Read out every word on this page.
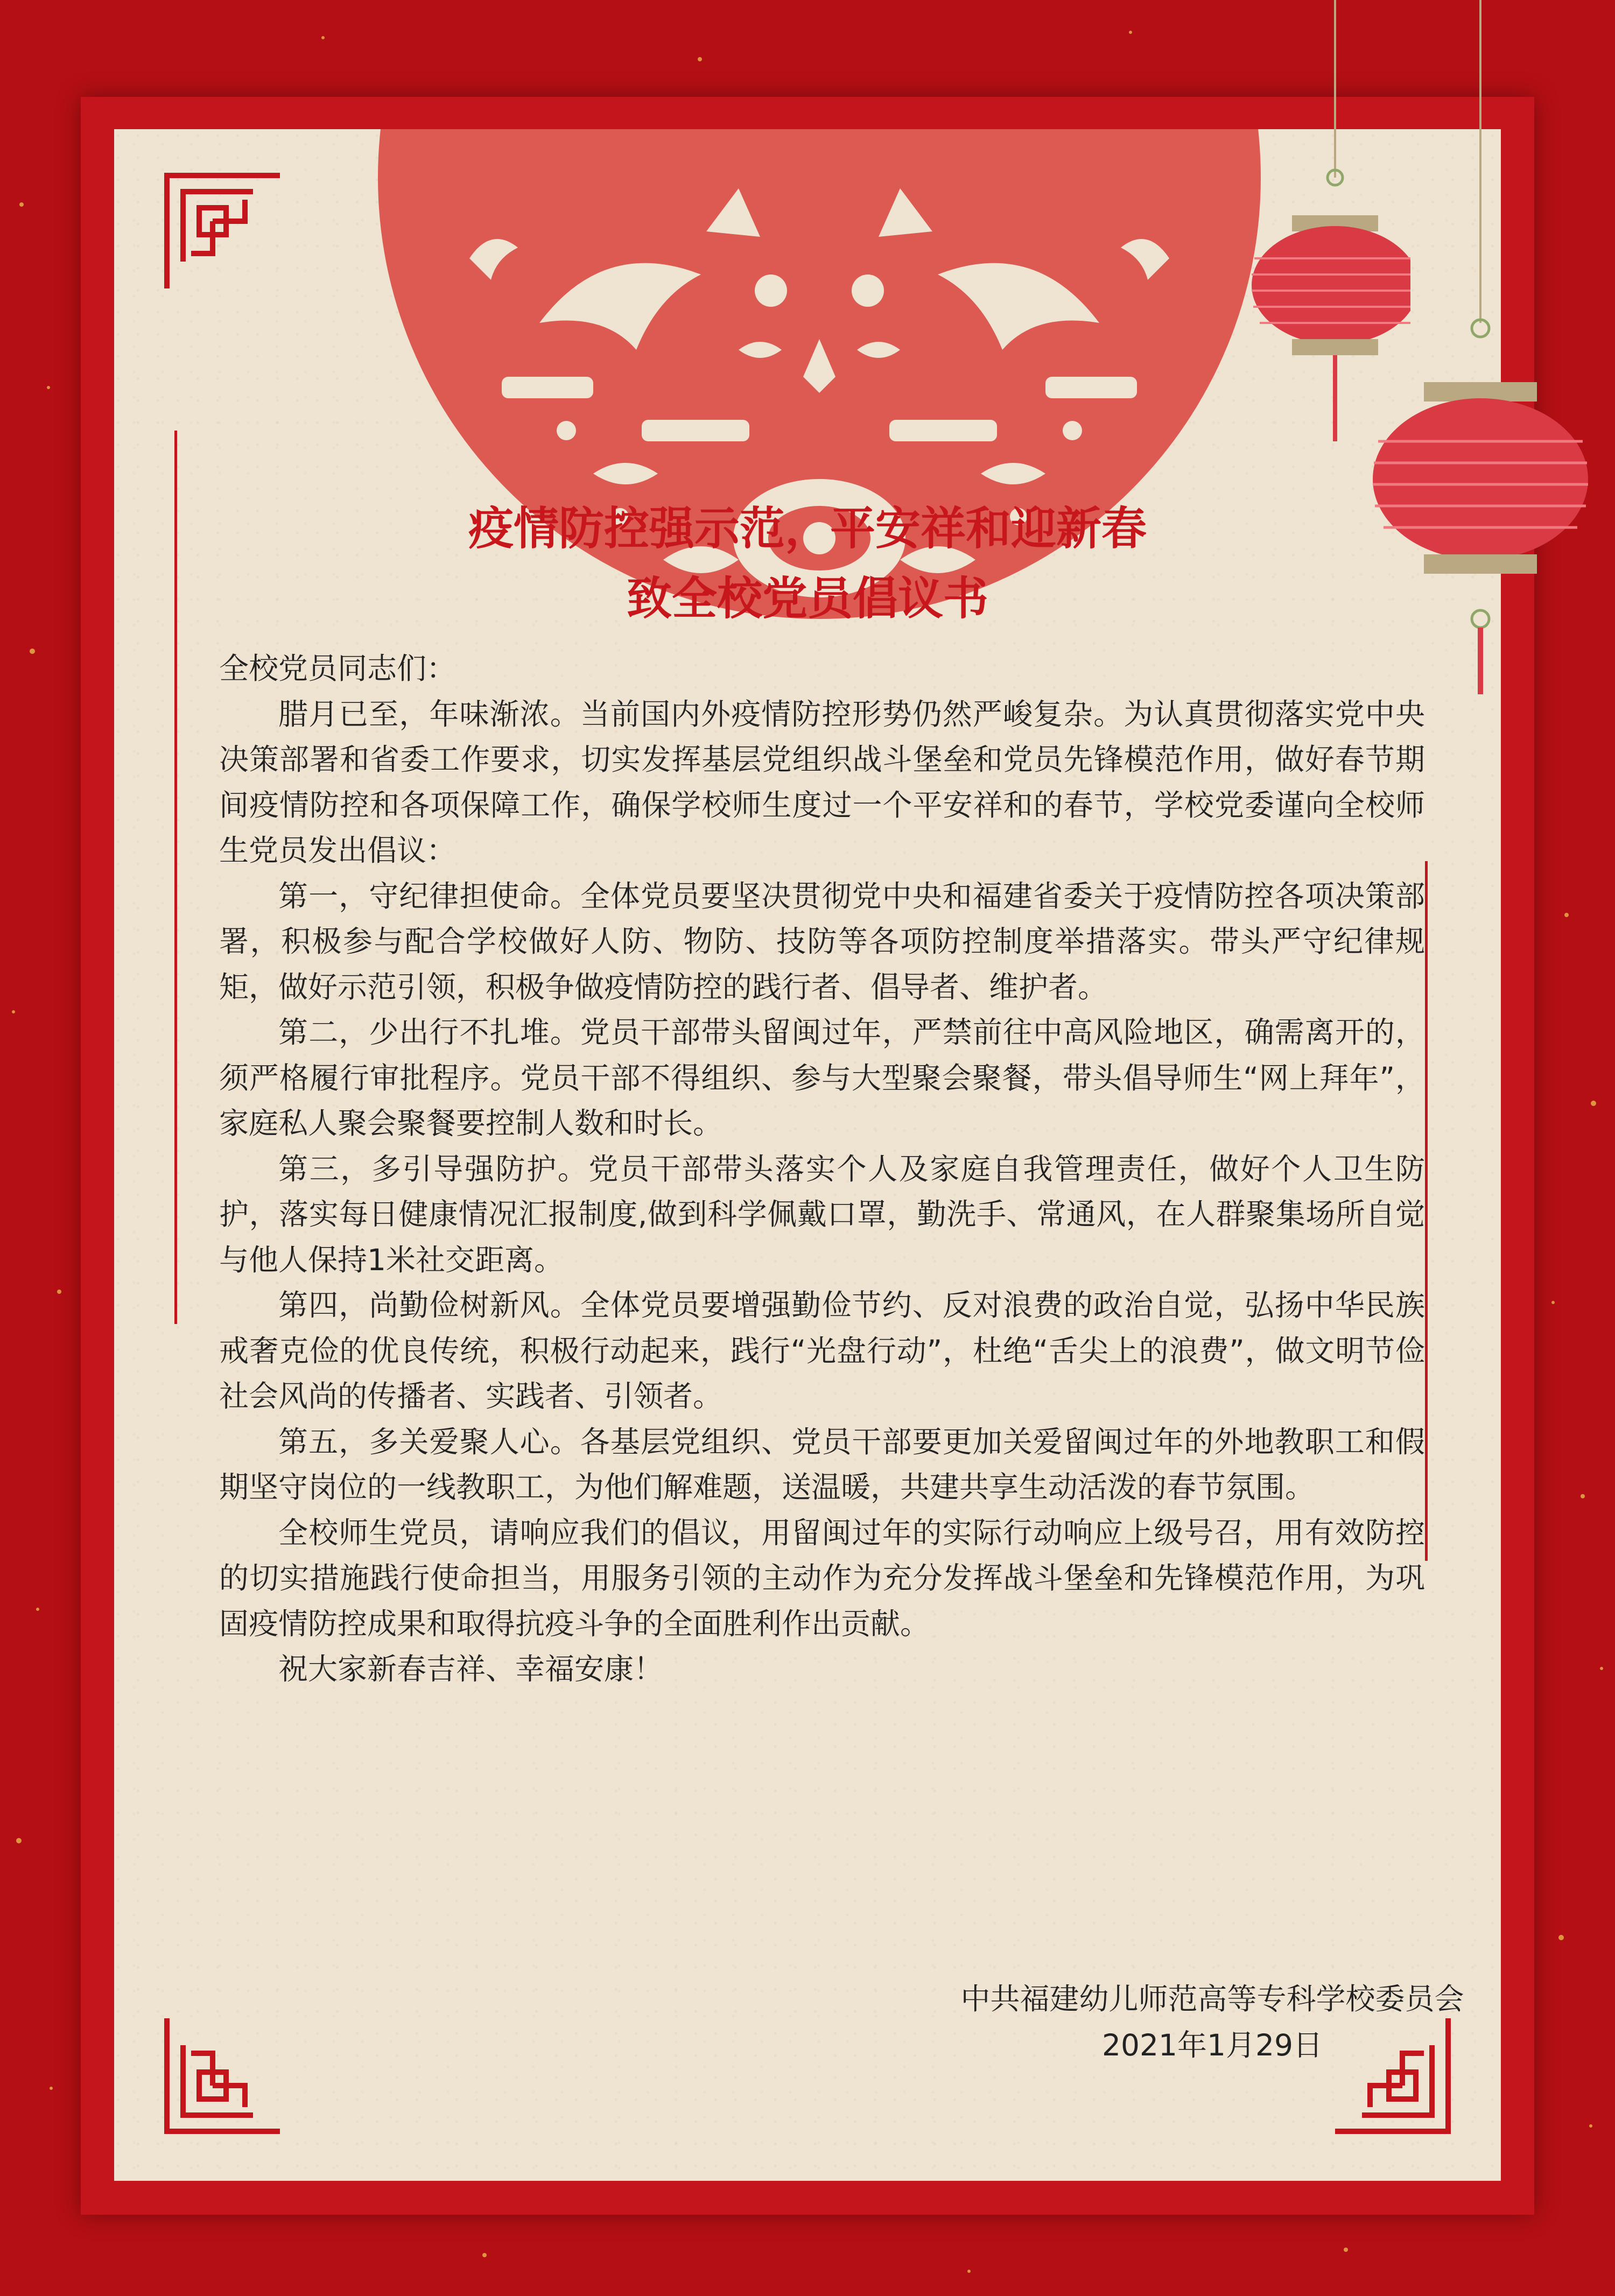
疫情防控强示范，平安祥和迎新春
致全校党员倡议书

全校党员同志们：

腊月已至，年味渐浓。当前国内外疫情防控形势仍然严峻复杂。为认真贯彻落实党中央决策部署和省委工作要求，切实发挥基层党组织战斗堡垒和党员先锋模范作用，做好春节期间疫情防控和各项保障工作，确保学校师生度过一个平安祥和的春节，学校党委谨向全校师生党员发出倡议：

第一，守纪律担使命。全体党员要坚决贯彻党中央和福建省委关于疫情防控各项决策部署，积极参与配合学校做好人防、物防、技防等各项防控制度举措落实。带头严守纪律规矩，做好示范引领，积极争做疫情防控的践行者、倡导者、维护者。

第二，少出行不扎堆。党员干部带头留闽过年，严禁前往中高风险地区，确需离开的，须严格履行审批程序。党员干部不得组织、参与大型聚会聚餐，带头倡导师生“网上拜年”，家庭私人聚会聚餐要控制人数和时长。

第三，多引导强防护。党员干部带头落实个人及家庭自我管理责任，做好个人卫生防护，落实每日健康情况汇报制度,做到科学佩戴口罩，勤洗手、常通风，在人群聚集场所自觉与他人保持1米社交距离。

第四，尚勤俭树新风。全体党员要增强勤俭节约、反对浪费的政治自觉，弘扬中华民族戒奢克俭的优良传统，积极行动起来，践行“光盘行动”，杜绝“舌尖上的浪费”，做文明节俭社会风尚的传播者、实践者、引领者。

第五，多关爱聚人心。各基层党组织、党员干部要更加关爱留闽过年的外地教职工和假期坚守岗位的一线教职工，为他们解难题，送温暖，共建共享生动活泼的春节氛围。

全校师生党员，请响应我们的倡议，用留闽过年的实际行动响应上级号召，用有效防控的切实措施践行使命担当，用服务引领的主动作为充分发挥战斗堡垒和先锋模范作用，为巩固疫情防控成果和取得抗疫斗争的全面胜利作出贡献。

祝大家新春吉祥、幸福安康！

中共福建幼儿师范高等专科学校委员会
2021年1月29日
